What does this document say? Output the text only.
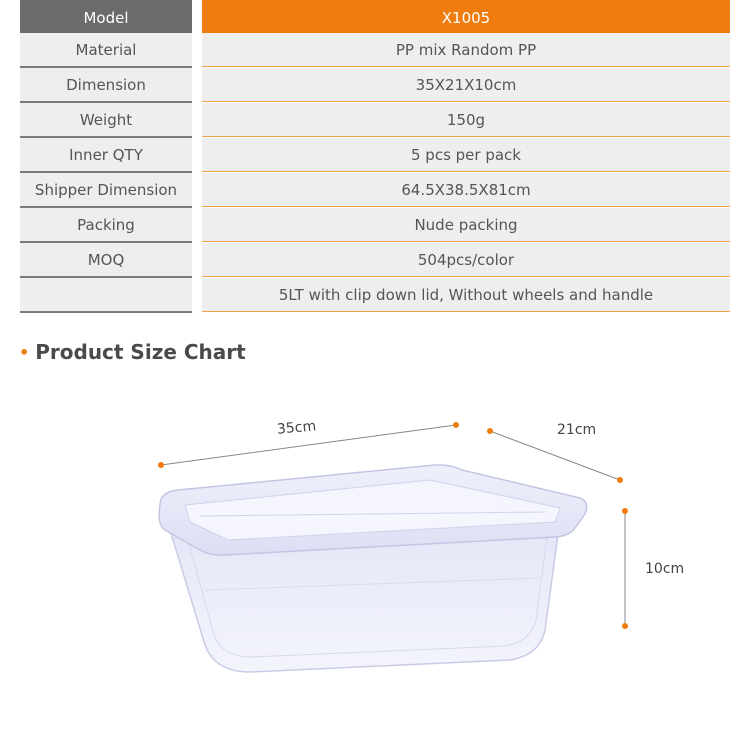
Model	X1005
Material	PP mix Random PP
Dimension	35X21X10cm
Weight	150g
Inner QTY	5 pcs per pack
Shipper Dimension	64.5X38.5X81cm
Packing	Nude packing
MOQ	504pcs/color
5LT with clip down lid, Without wheels and handle
• Product Size Chart
35cm	21cm
10cm
